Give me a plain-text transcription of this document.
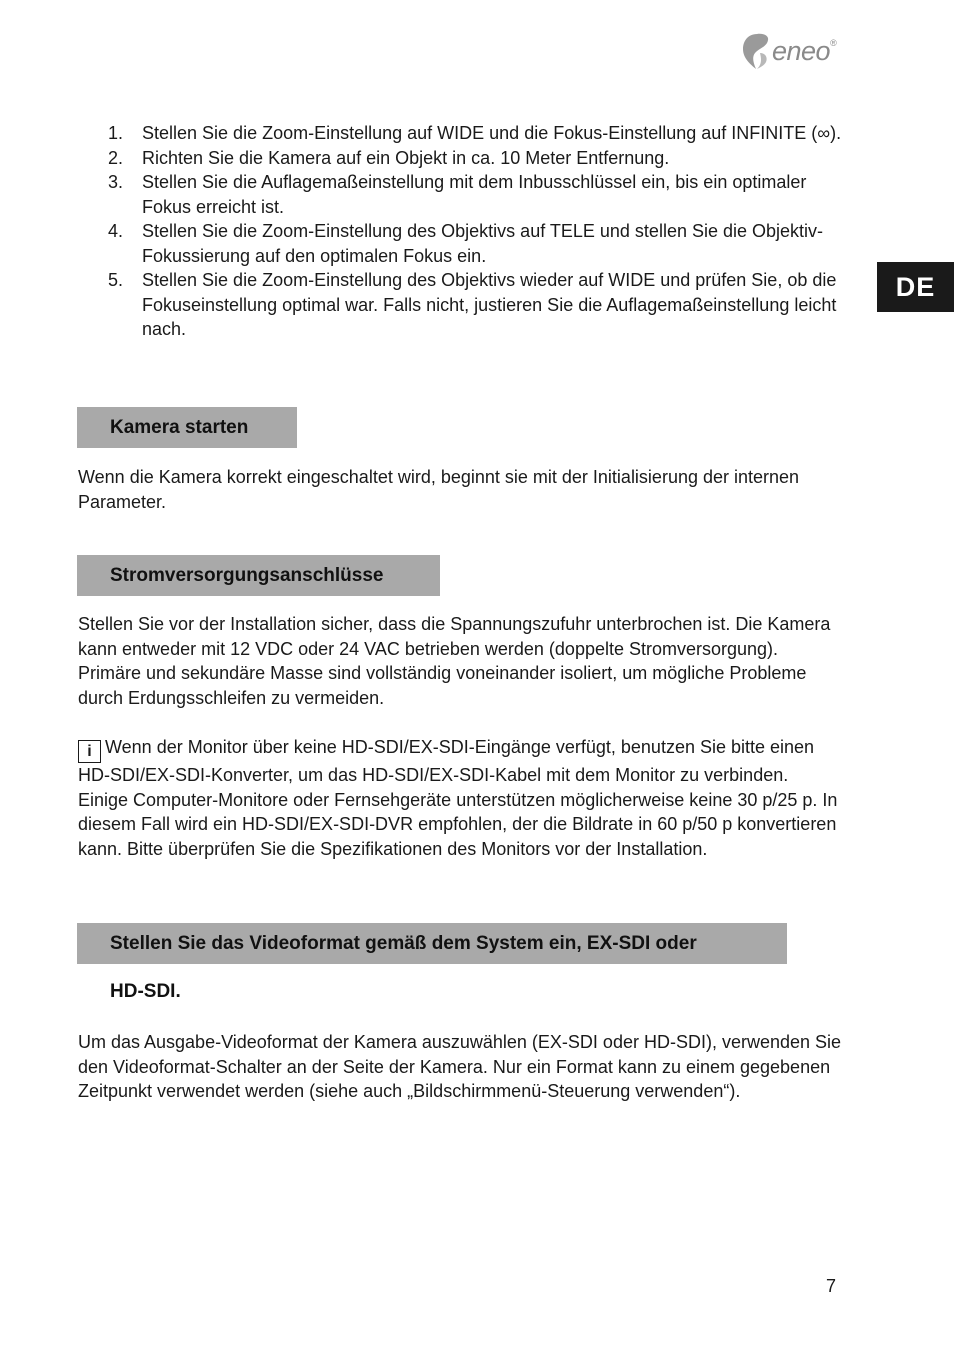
eneo ®
DE
1. Stellen Sie die Zoom-Einstellung auf WIDE und die Fokus-Einstellung auf INFINITE (∞).
2. Richten Sie die Kamera auf ein Objekt in ca. 10 Meter Entfernung.
3. Stellen Sie die Auflagemaßeinstellung mit dem Inbusschlüssel ein, bis ein optimaler Fokus erreicht ist.
4. Stellen Sie die Zoom-Einstellung des Objektivs auf TELE und stellen Sie die Objektiv-Fokussierung auf den optimalen Fokus ein.
5. Stellen Sie die Zoom-Einstellung des Objektivs wieder auf WIDE und prüfen Sie, ob die Fokuseinstellung optimal war. Falls nicht, justieren Sie die Auflagemaßeinstellung leicht nach.
Kamera starten

Wenn die Kamera korrekt eingeschaltet wird, beginnt sie mit der Initialisierung der internen Parameter.

Stromversorgungsanschlüsse

Stellen Sie vor der Installation sicher, dass die Spannungszufuhr unterbrochen ist. Die Kamera kann entweder mit 12 VDC oder 24 VAC betrieben werden (doppelte Stromversorgung). Primäre und sekundäre Masse sind vollständig voneinander isoliert, um mögliche Probleme durch Erdungsschleifen zu vermeiden.

i Wenn der Monitor über keine HD-SDI/EX-SDI-Eingänge verfügt, benutzen Sie bitte einen HD-SDI/EX-SDI-Konverter, um das HD-SDI/EX-SDI-Kabel mit dem Monitor zu verbinden. Einige Computer-Monitore oder Fernsehgeräte unterstützen möglicherweise keine 30 p/25 p. In diesem Fall wird ein HD-SDI/EX-SDI-DVR empfohlen, der die Bildrate in 60 p/50 p konvertieren kann. Bitte überprüfen Sie die Spezifikationen des Monitors vor der Installation.

Stellen Sie das Videoformat gemäß dem System ein, EX-SDI oder
HD-SDI.

Um das Ausgabe-Videoformat der Kamera auszuwählen (EX-SDI oder HD-SDI), verwenden Sie den Videoformat-Schalter an der Seite der Kamera. Nur ein Format kann zu einem gegebenen Zeitpunkt verwendet werden (siehe auch „Bildschirmmenü-Steuerung verwenden“).

7
